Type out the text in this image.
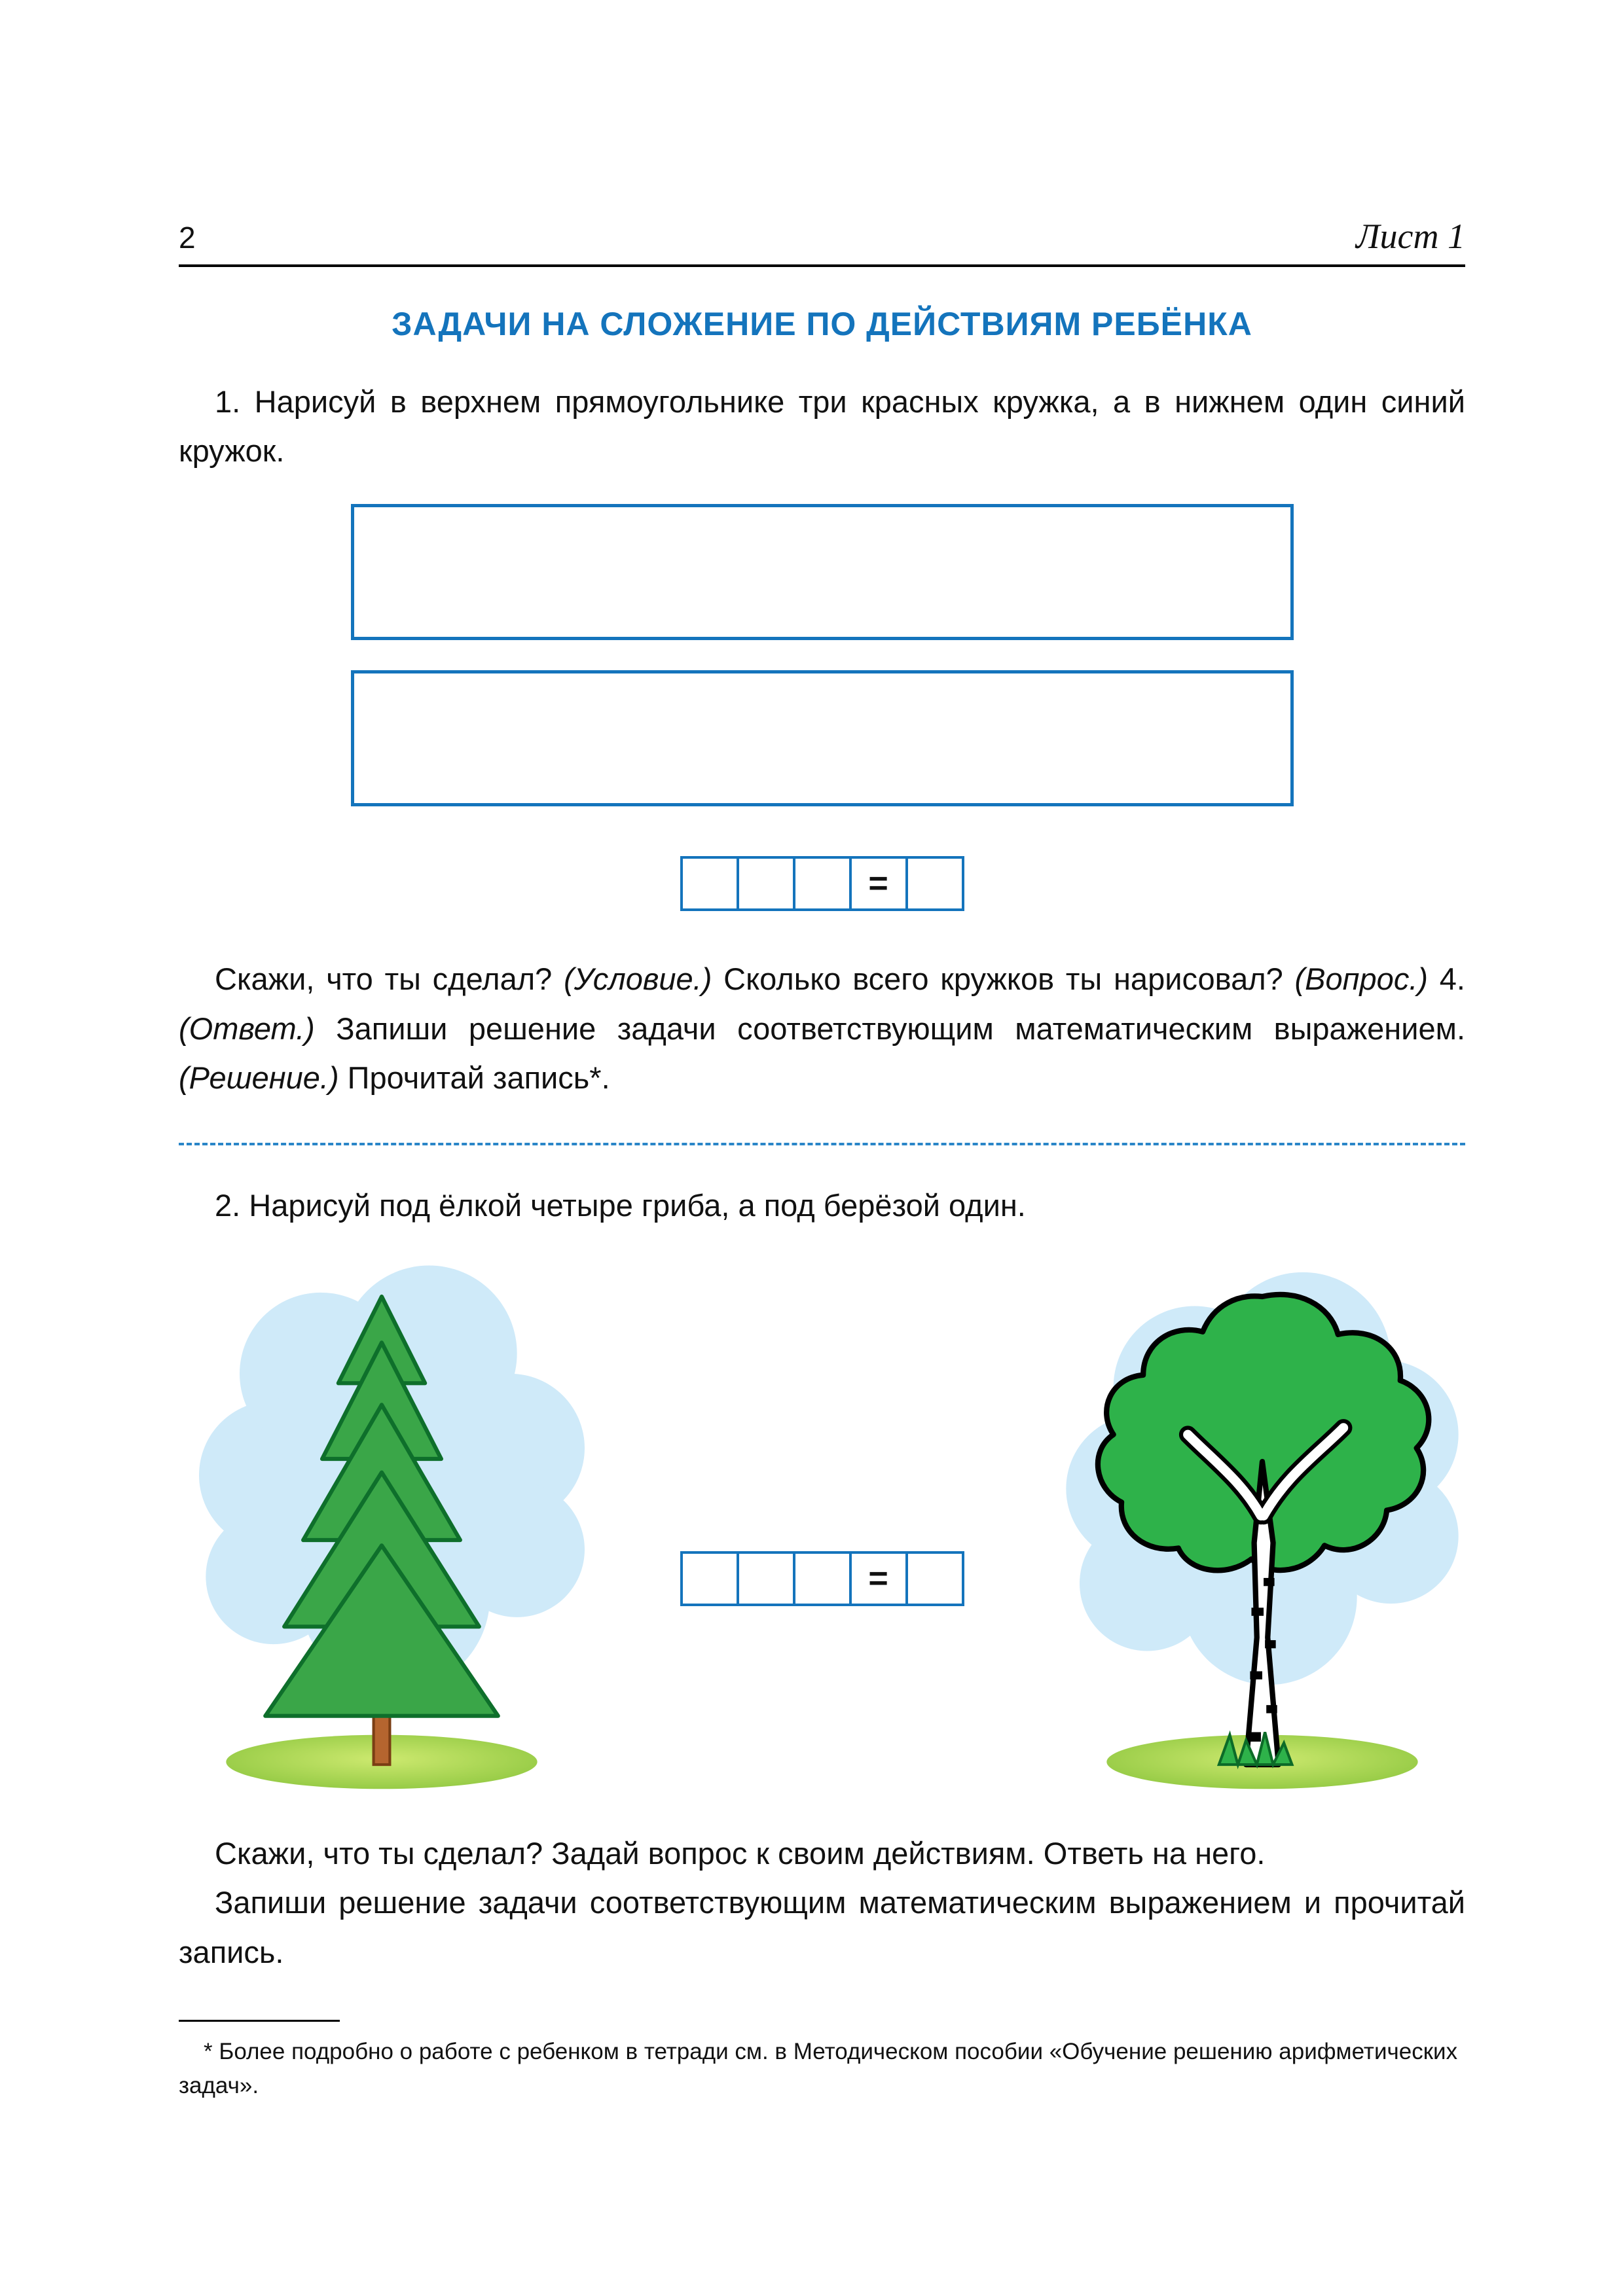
2	Лист 1
ЗАДАЧИ НА СЛОЖЕНИЕ ПО ДЕЙСТВИЯМ РЕБЁНКА

1. Нарисуй в верхнем прямоугольнике три красных кружка, а в нижнем один синий кружок.

=

Скажи, что ты сделал? (Условие.) Сколько всего кружков ты нарисовал? (Вопрос.) 4. (Ответ.) Запиши решение задачи соответствующим математическим выражением. (Решение.) Прочитай запись*.

2. Нарисуй под ёлкой четыре гриба, а под берёзой один.

=

Скажи, что ты сделал? Задай вопрос к своим действиям. Ответь на него.

Запиши решение задачи соответствующим математическим выражением и прочитай запись.

* Более подробно о работе с ребенком в тетради см. в Методическом пособии «Обучение решению арифметических задач».
